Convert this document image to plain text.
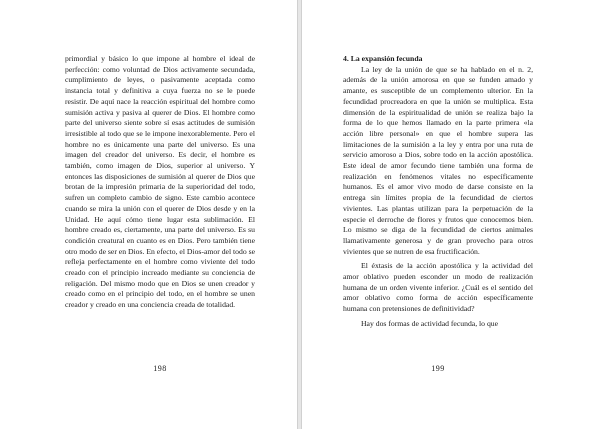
primordial y básico lo que impone al hombre el ideal de perfección: como voluntad de Dios activamente secundada, cumplimiento de leyes, o pasivamente aceptada como instancia total y definitiva a cuya fuerza no se le puede resistir. De aquí nace la reacción espiritual del hombre como sumisión activa y pasiva al querer de Dios. El hombre como parte del universo siente sobre sí esas actitudes de sumisión irresistible al todo que se le impone inexorablemente. Pero el hombre no es únicamente una parte del universo. Es una imagen del creador del universo. Es decir, el hombre es también, como imagen de Dios, superior al universo. Y entonces las disposiciones de sumisión al querer de Dios que brotan de la impresión primaria de la superioridad del todo, sufren un completo cambio de signo. Este cambio acontece cuando se mira la unión con el querer de Dios desde y en la Unidad. He aquí cómo tiene lugar esta sublimación. El hombre creado es, ciertamente, una parte del universo. Es su condición creatural en cuanto es en Dios. Pero también tiene otro modo de ser en Dios. En efecto, el Dios-amor del todo se refleja perfectamente en el hombre como viviente del todo creado con el principio increado mediante su conciencia de religación. Del mismo modo que en Dios se unen creador y creado como en el principio del todo, en el hombre se unen creador y creado en una conciencia creada de totalidad.

198

4. La expansión fecunda

La ley de la unión de que se ha hablado en el n. 2, además de la unión amorosa en que se funden amado y amante, es susceptible de un complemento ulterior. En la fecundidad procreadora en que la unión se multiplica. Esta dimensión de la espiritualidad de unión se realiza bajo la forma de lo que hemos llamado en la parte primera «la acción libre personal» en que el hombre supera las limitaciones de la sumisión a la ley y entra por una ruta de servicio amoroso a Dios, sobre todo en la acción apostólica. Este ideal de amor fecundo tiene también una forma de realización en fenómenos vitales no específicamente humanos. Es el amor vivo modo de darse consiste en la entrega sin límites propia de la fecundidad de ciertos vivientes. Las plantas utilizan para la perpetuación de la especie el derroche de flores y frutos que conocemos bien. Lo mismo se diga de la fecundidad de ciertos animales llamativamente generosa y de gran provecho para otros vivientes que se nutren de esa fructificación.

El éxtasis de la acción apostólica y la actividad del amor oblativo pueden esconder un modo de realización humana de un orden vivente inferior. ¿Cuál es el sentido del amor oblativo como forma de acción específicamente humana con pretensiones de definitividad?

Hay dos formas de actividad fecunda, lo que

199
